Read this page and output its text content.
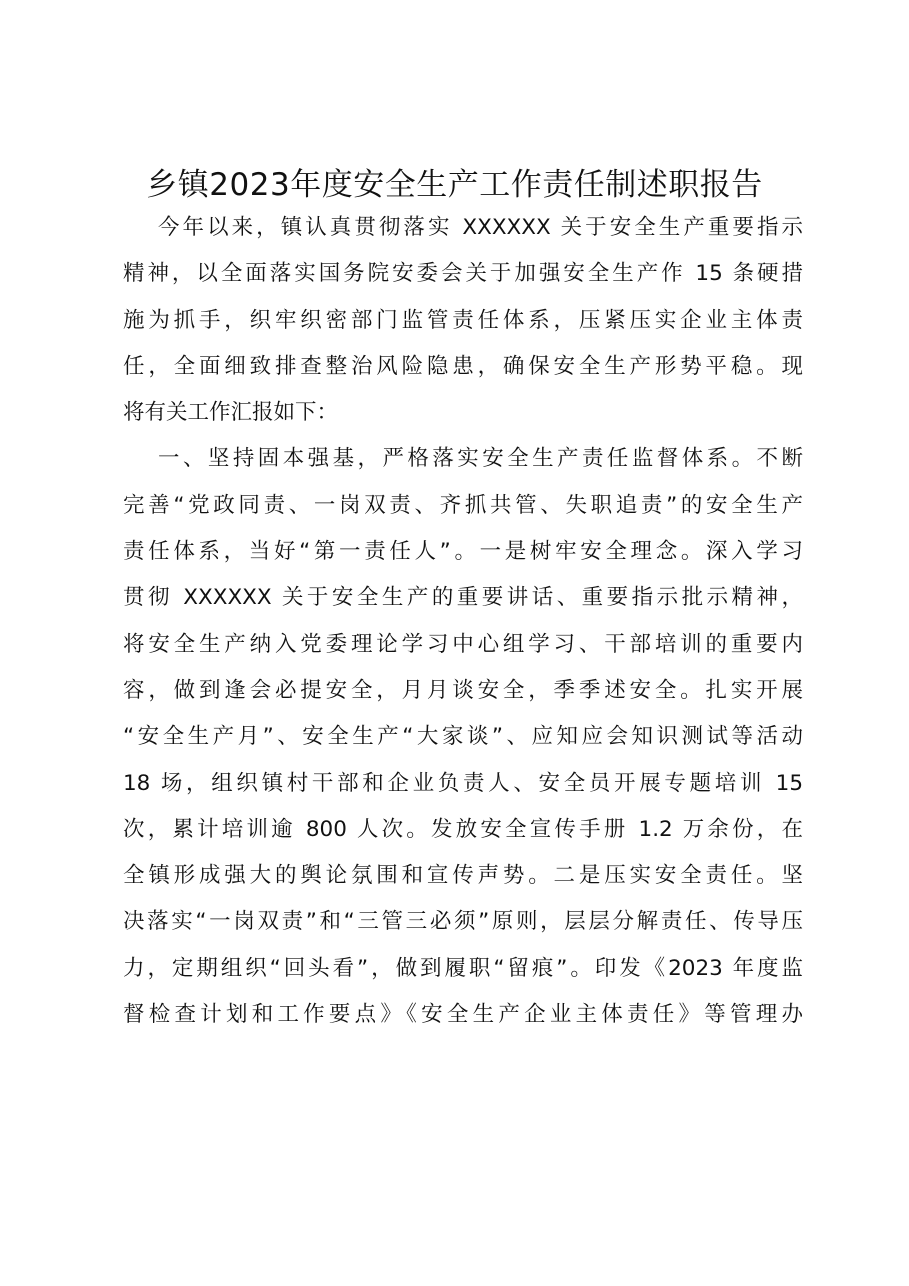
乡镇2023年度安全生产工作责任制述职报告
今年以来，镇认真贯彻落实 XXXXXX 关于安全生产重要指示
精神，以全面落实国务院安委会关于加强安全生产作 15 条硬措
施为抓手，织牢织密部门监管责任体系，压紧压实企业主体责
任，全面细致排查整治风险隐患，确保安全生产形势平稳。现
将有关工作汇报如下：
一、坚持固本强基，严格落实安全生产责任监督体系。不断
完善“党政同责、一岗双责、齐抓共管、失职追责”的安全生产
责任体系，当好“第一责任人”。一是树牢安全理念。深入学习
贯彻 XXXXXX 关于安全生产的重要讲话、重要指示批示精神，
将安全生产纳入党委理论学习中心组学习、干部培训的重要内
容，做到逢会必提安全，月月谈安全，季季述安全。扎实开展
“安全生产月”、安全生产“大家谈”、应知应会知识测试等活动
18 场，组织镇村干部和企业负责人、安全员开展专题培训 15
次，累计培训逾 800 人次。发放安全宣传手册 1.2 万余份，在
全镇形成强大的舆论氛围和宣传声势。二是压实安全责任。坚
决落实“一岗双责”和“三管三必须”原则，层层分解责任、传导压
力，定期组织“回头看”，做到履职“留痕”。印发《2023 年度监
督检查计划和工作要点》《安全生产企业主体责任》等管理办
